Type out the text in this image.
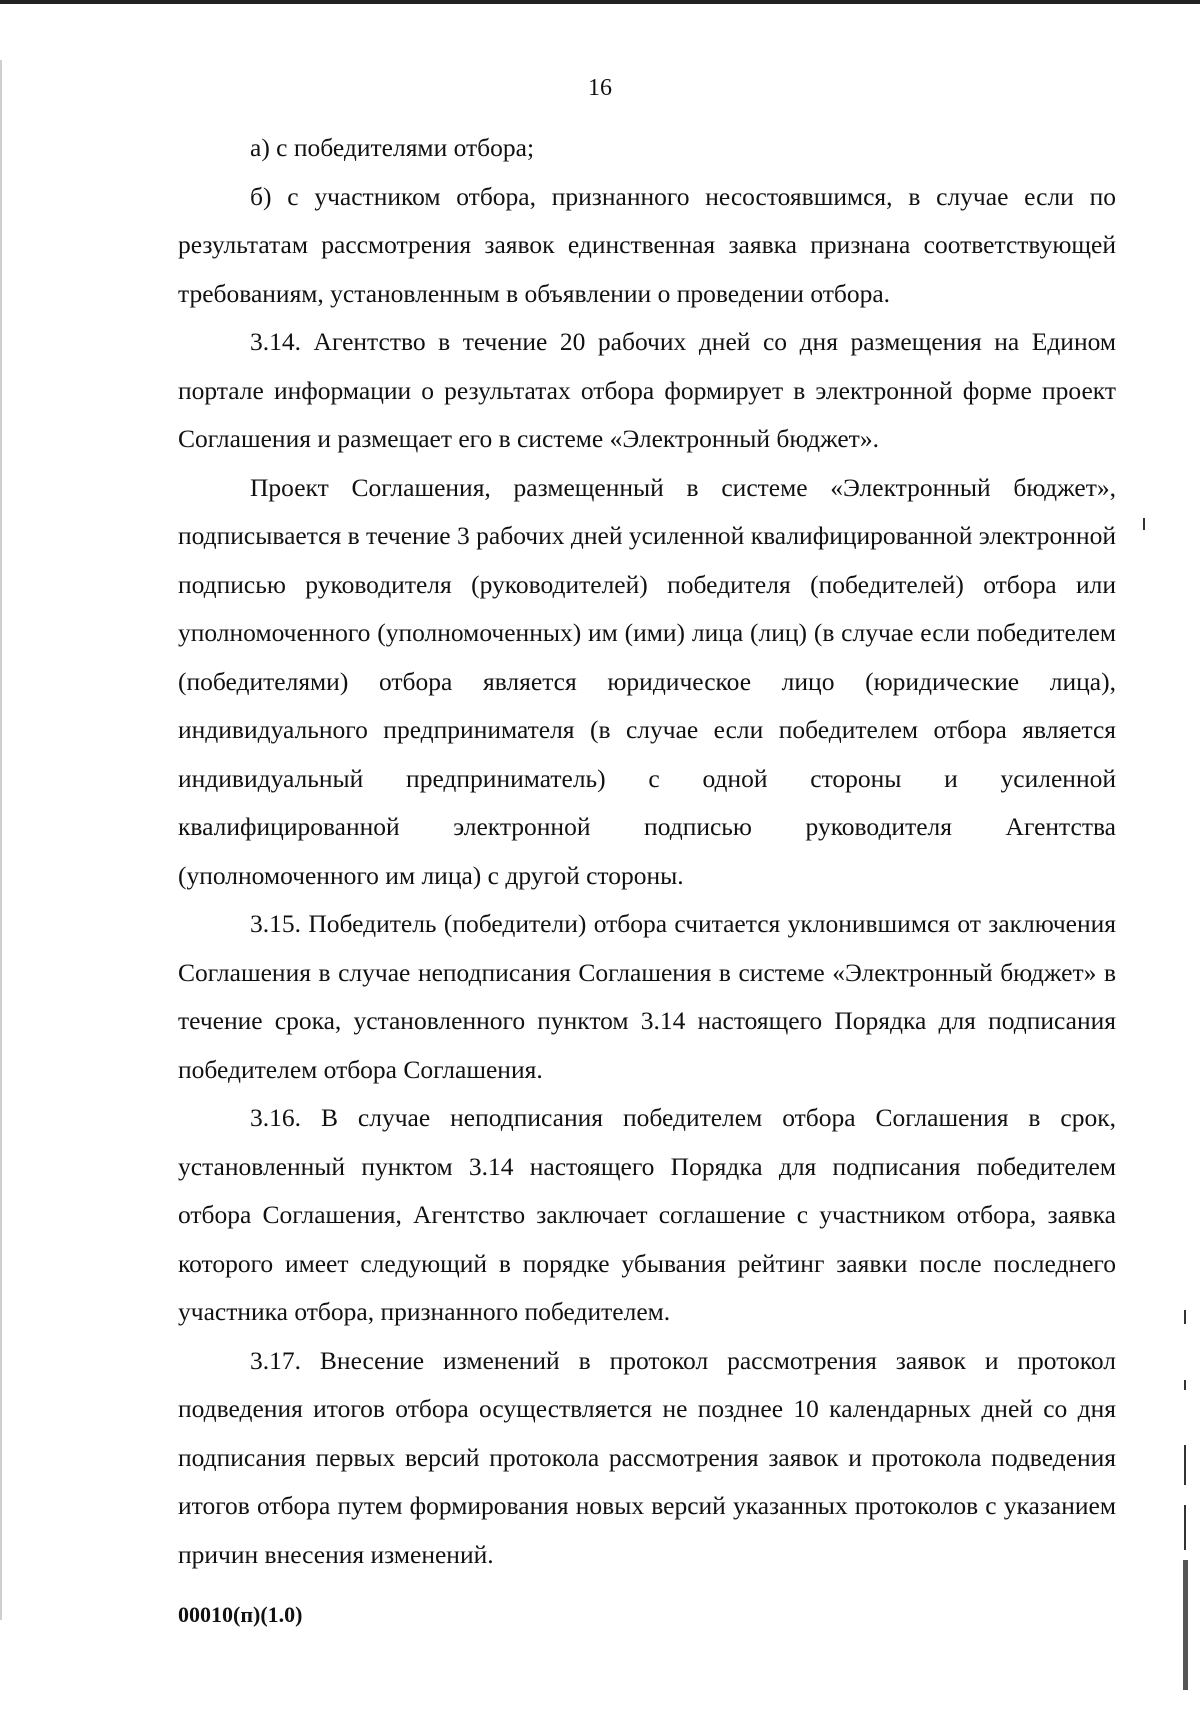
16

а) с победителями отбора;

б) с участником отбора, признанного несостоявшимся, в случае если по результатам рассмотрения заявок единственная заявка признана соответствующей требованиям, установленным в объявлении о проведении отбора.

3.14. Агентство в течение 20 рабочих дней со дня размещения на Едином портале информации о результатах отбора формирует в электронной форме проект Соглашения и размещает его в системе «Электронный бюджет».

Проект Соглашения, размещенный в системе «Электронный бюджет», подписывается в течение 3 рабочих дней усиленной квалифицированной электронной подписью руководителя (руководителей) победителя (победителей) отбора или уполномоченного (уполномоченных) им (ими) лица (лиц) (в случае если победителем (победителями) отбора является юридическое лицо (юридические лица), индивидуального предпринимателя (в случае если победителем отбора является индивидуальный предприниматель) с одной стороны и усиленной квалифицированной электронной подписью руководителя Агентства (уполномоченного им лица) с другой стороны.

3.15. Победитель (победители) отбора считается уклонившимся от заключения Соглашения в случае неподписания Соглашения в системе «Электронный бюджет» в течение срока, установленного пунктом 3.14 настоящего Порядка для подписания победителем отбора Соглашения.

3.16. В случае неподписания победителем отбора Соглашения в срок, установленный пунктом 3.14 настоящего Порядка для подписания победителем отбора Соглашения, Агентство заключает соглашение с участником отбора, заявка которого имеет следующий в порядке убывания рейтинг заявки после последнего участника отбора, признанного победителем.

3.17. Внесение изменений в протокол рассмотрения заявок и протокол подведения итогов отбора осуществляется не позднее 10 календарных дней со дня подписания первых версий протокола рассмотрения заявок и протокола подведения итогов отбора путем формирования новых версий указанных протоколов с указанием причин внесения изменений.

00010(п)(1.0)
